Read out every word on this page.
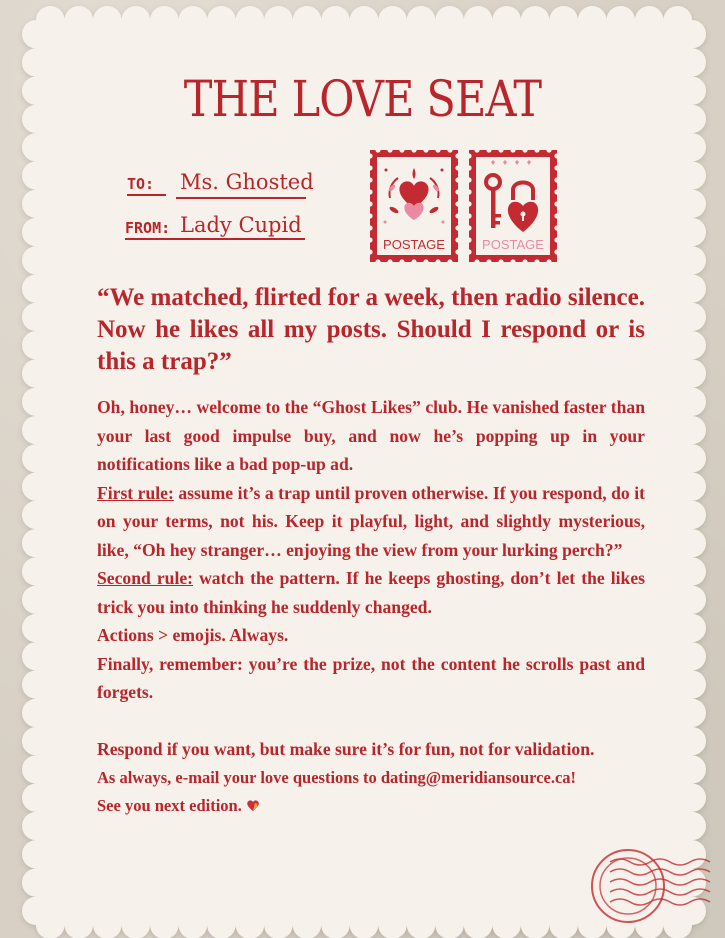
THE LOVE SEAT
TO: Ms. Ghosted
FROM: Lady Cupid
POSTAGE	POSTAGE
“We matched, flirted for a week, then radio silence. Now he likes all my posts. Should I respond or is this a trap?”

Oh, honey… welcome to the “Ghost Likes” club. He vanished faster than your last good impulse buy, and now he’s popping up in your notifications like a bad pop-up ad.

First rule: assume it’s a trap until proven otherwise. If you respond, do it on your terms, not his. Keep it playful, light, and slightly mysterious, like, “Oh hey stranger… enjoying the view from your lurking perch?”

Second rule: watch the pattern. If he keeps ghosting, don’t let the likes trick you into thinking he suddenly changed.

Actions > emojis. Always.

Finally, remember: you’re the prize, not the content he scrolls past and forgets.

Respond if you want, but make sure it’s for fun, not for validation.

As always, e-mail your love questions to dating@meridiansource.ca!

See you next edition.
